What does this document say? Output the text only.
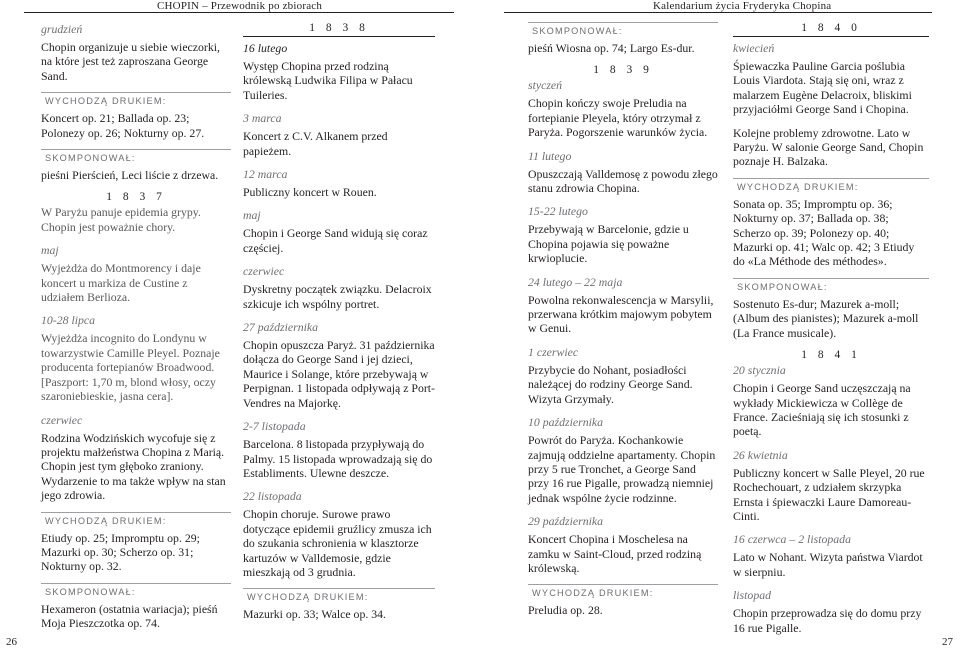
CHOPIN – Przewodnik po zbiorach	Kalendarium życia Fryderyka Chopina
grudzień
Chopin organizuje u siebie wieczorki, na które jest też zaproszana George Sand.
WYCHODZĄ DRUKIEM:
Koncert op. 21; Ballada op. 23; Polonezy op. 26; Nokturny op. 27.
SKOMPONOWAŁ:
pieśni Pierścień, Leci liście z drzewa.
1 8 3 7
W Paryżu panuje epidemia grypy. Chopin jest poważnie chory.
maj
Wyjeżdża do Montmorency i daje koncert u markiza de Custine z udziałem Berlioza.
10-28 lipca
Wyjeżdża incognito do Londynu w towarzystwie Camille Pleyel. Poznaje producenta fortepianów Broadwood. [Paszport: 1,70 m, blond włosy, oczy szaroniebieskie, jasna cera].
czerwiec
Rodzina Wodzińskich wycofuje się z projektu małżeństwa Chopina z Marią. Chopin jest tym głęboko zraniony. Wydarzenie to ma także wpływ na stan jego zdrowia.
WYCHODZĄ DRUKIEM:
Etiudy op. 25; Impromptu op. 29; Mazurki op. 30; Scherzo op. 31; Nokturny op. 32.
SKOMPONOWAŁ:
Hexameron (ostatnia wariacja); pieśń Moja Pieszczotka op. 74.
1 8 3 8
16 lutego
Występ Chopina przed rodziną królewską Ludwika Filipa w Pałacu Tuileries.
3 marca
Koncert z C.V. Alkanem przed papieżem.
12 marca
Publiczny koncert w Rouen.
maj
Chopin i George Sand widują się coraz częściej.
czerwiec
Dyskretny początek związku. Delacroix szkicuje ich wspólny portret.
27 października
Chopin opuszcza Paryż. 31 października dołącza do George Sand i jej dzieci, Maurice i Solange, które przebywają w Perpignan. 1 listopada odpływają z Port-Vendres na Majorkę.
2-7 listopada
Barcelona. 8 listopada przypływają do Palmy. 15 listopada wprowadzają się do Establiments. Ulewne deszcze.
22 listopada
Chopin choruje. Surowe prawo dotyczące epidemii gruźlicy zmusza ich do szukania schronienia w klasztorze kartuzów w Valldemosie, gdzie mieszkają od 3 grudnia.
WYCHODZĄ DRUKIEM:
Mazurki op. 33; Walce op. 34.
SKOMPONOWAŁ:
pieśń Wiosna op. 74; Largo Es-dur.
1 8 3 9
styczeń
Chopin kończy swoje Preludia na fortepianie Pleyela, który otrzymał z Paryża. Pogorszenie warunków życia.
11 lutego
Opuszczają Valldemosę z powodu złego stanu zdrowia Chopina.
15-22 lutego
Przebywają w Barcelonie, gdzie u Chopina pojawia się poważne krwioplucie.
24 lutego – 22 maja
Powolna rekonwalescencja w Marsylii, przerwana krótkim majowym pobytem w Genui.
1 czerwiec
Przybycie do Nohant, posiadłości należącej do rodziny George Sand. Wizyta Grzymały.
10 października
Powrót do Paryża. Kochankowie zajmują oddzielne apartamenty. Chopin przy 5 rue Tronchet, a George Sand przy 16 rue Pigalle, prowadzą niemniej jednak wspólne życie rodzinne.
29 października
Koncert Chopina i Moschelesa na zamku w Saint-Cloud, przed rodziną królewską.
WYCHODZĄ DRUKIEM:
Preludia op. 28.
1 8 4 0
kwiecień
Śpiewaczka Pauline Garcia poślubia Louis Viardota. Stają się oni, wraz z malarzem Eugène Delacroix, bliskimi przyjaciółmi George Sand i Chopina.
Kolejne problemy zdrowotne. Lato w Paryżu. W salonie George Sand, Chopin poznaje H. Balzaka.
WYCHODZĄ DRUKIEM:
Sonata op. 35; Impromptu op. 36; Nokturny op. 37; Ballada op. 38; Scherzo op. 39; Polonezy op. 40; Mazurki op. 41; Walc op. 42; 3 Etiudy do «La Méthode des méthodes».
SKOMPONOWAŁ:
Sostenuto Es-dur; Mazurek a-moll; (Album des pianistes); Mazurek a-moll (La France musicale).
1 8 4 1
20 stycznia
Chopin i George Sand uczęszczają na wykłady Mickiewicza w Collège de France. Zacieśniają się ich stosunki z poetą.
26 kwietnia
Publiczny koncert w Salle Pleyel, 20 rue Rochechouart, z udziałem skrzypka Ernsta i śpiewaczki Laure Damoreau-Cinti.
16 czerwca – 2 listopada
Lato w Nohant. Wizyta państwa Viardot w sierpniu.
listopad
Chopin przeprowadza się do domu przy 16 rue Pigalle.
26	27
